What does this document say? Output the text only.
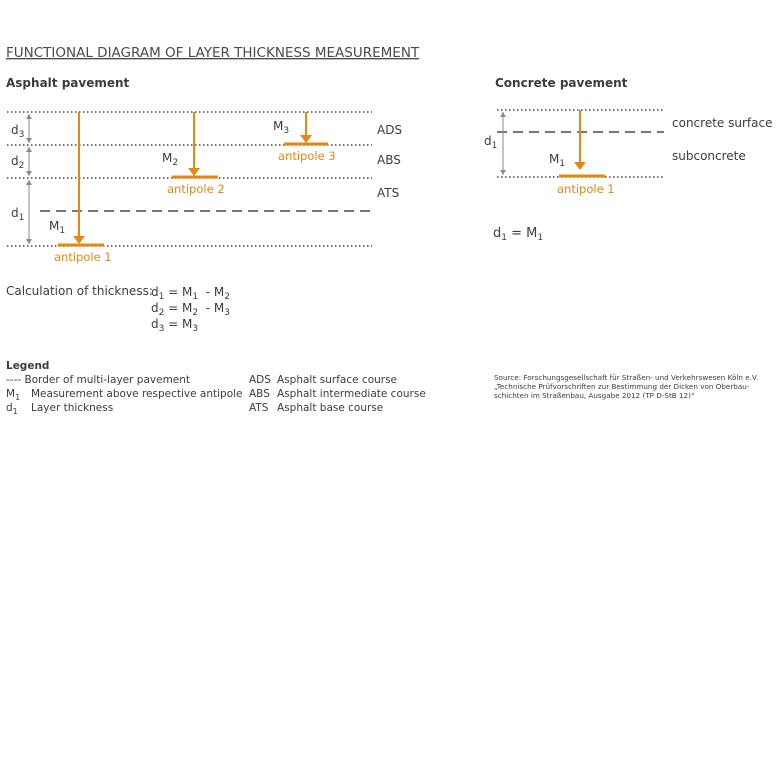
FUNCTIONAL DIAGRAM OF LAYER THICKNESS MEASUREMENT
Asphalt pavement
$d_3$
$d_2$
$d_1$
$M_1$
antipole 1
$M_2$
antipole 2
$M_3$
antipole 3
ADS
ABS
ATS
Concrete pavement
$d_1$
$M_1$
antipole 1
concrete surface
subconcrete
$d_1 = M_1$
Calculation of thickness:
$d_1 = M_1 - M_2$
$d_2 = M_2 - M_3$
$d_3 = M_3$
Legend
---- Border of multi-layer pavement
$M_1$ Measurement above respective antipole
$d_1$ Layer thickness
ADS Asphalt surface course
ABS Asphalt intermediate course
ATS Asphalt base course
Source: Forschungsgesellschaft für Straßen- und Verkehrswesen Köln e.V.
„Technische Prüfvorschriften zur Bestimmung der Dicken von Oberbau-
schichten im Straßenbau, Ausgabe 2012 (TP D-StB 12)“
